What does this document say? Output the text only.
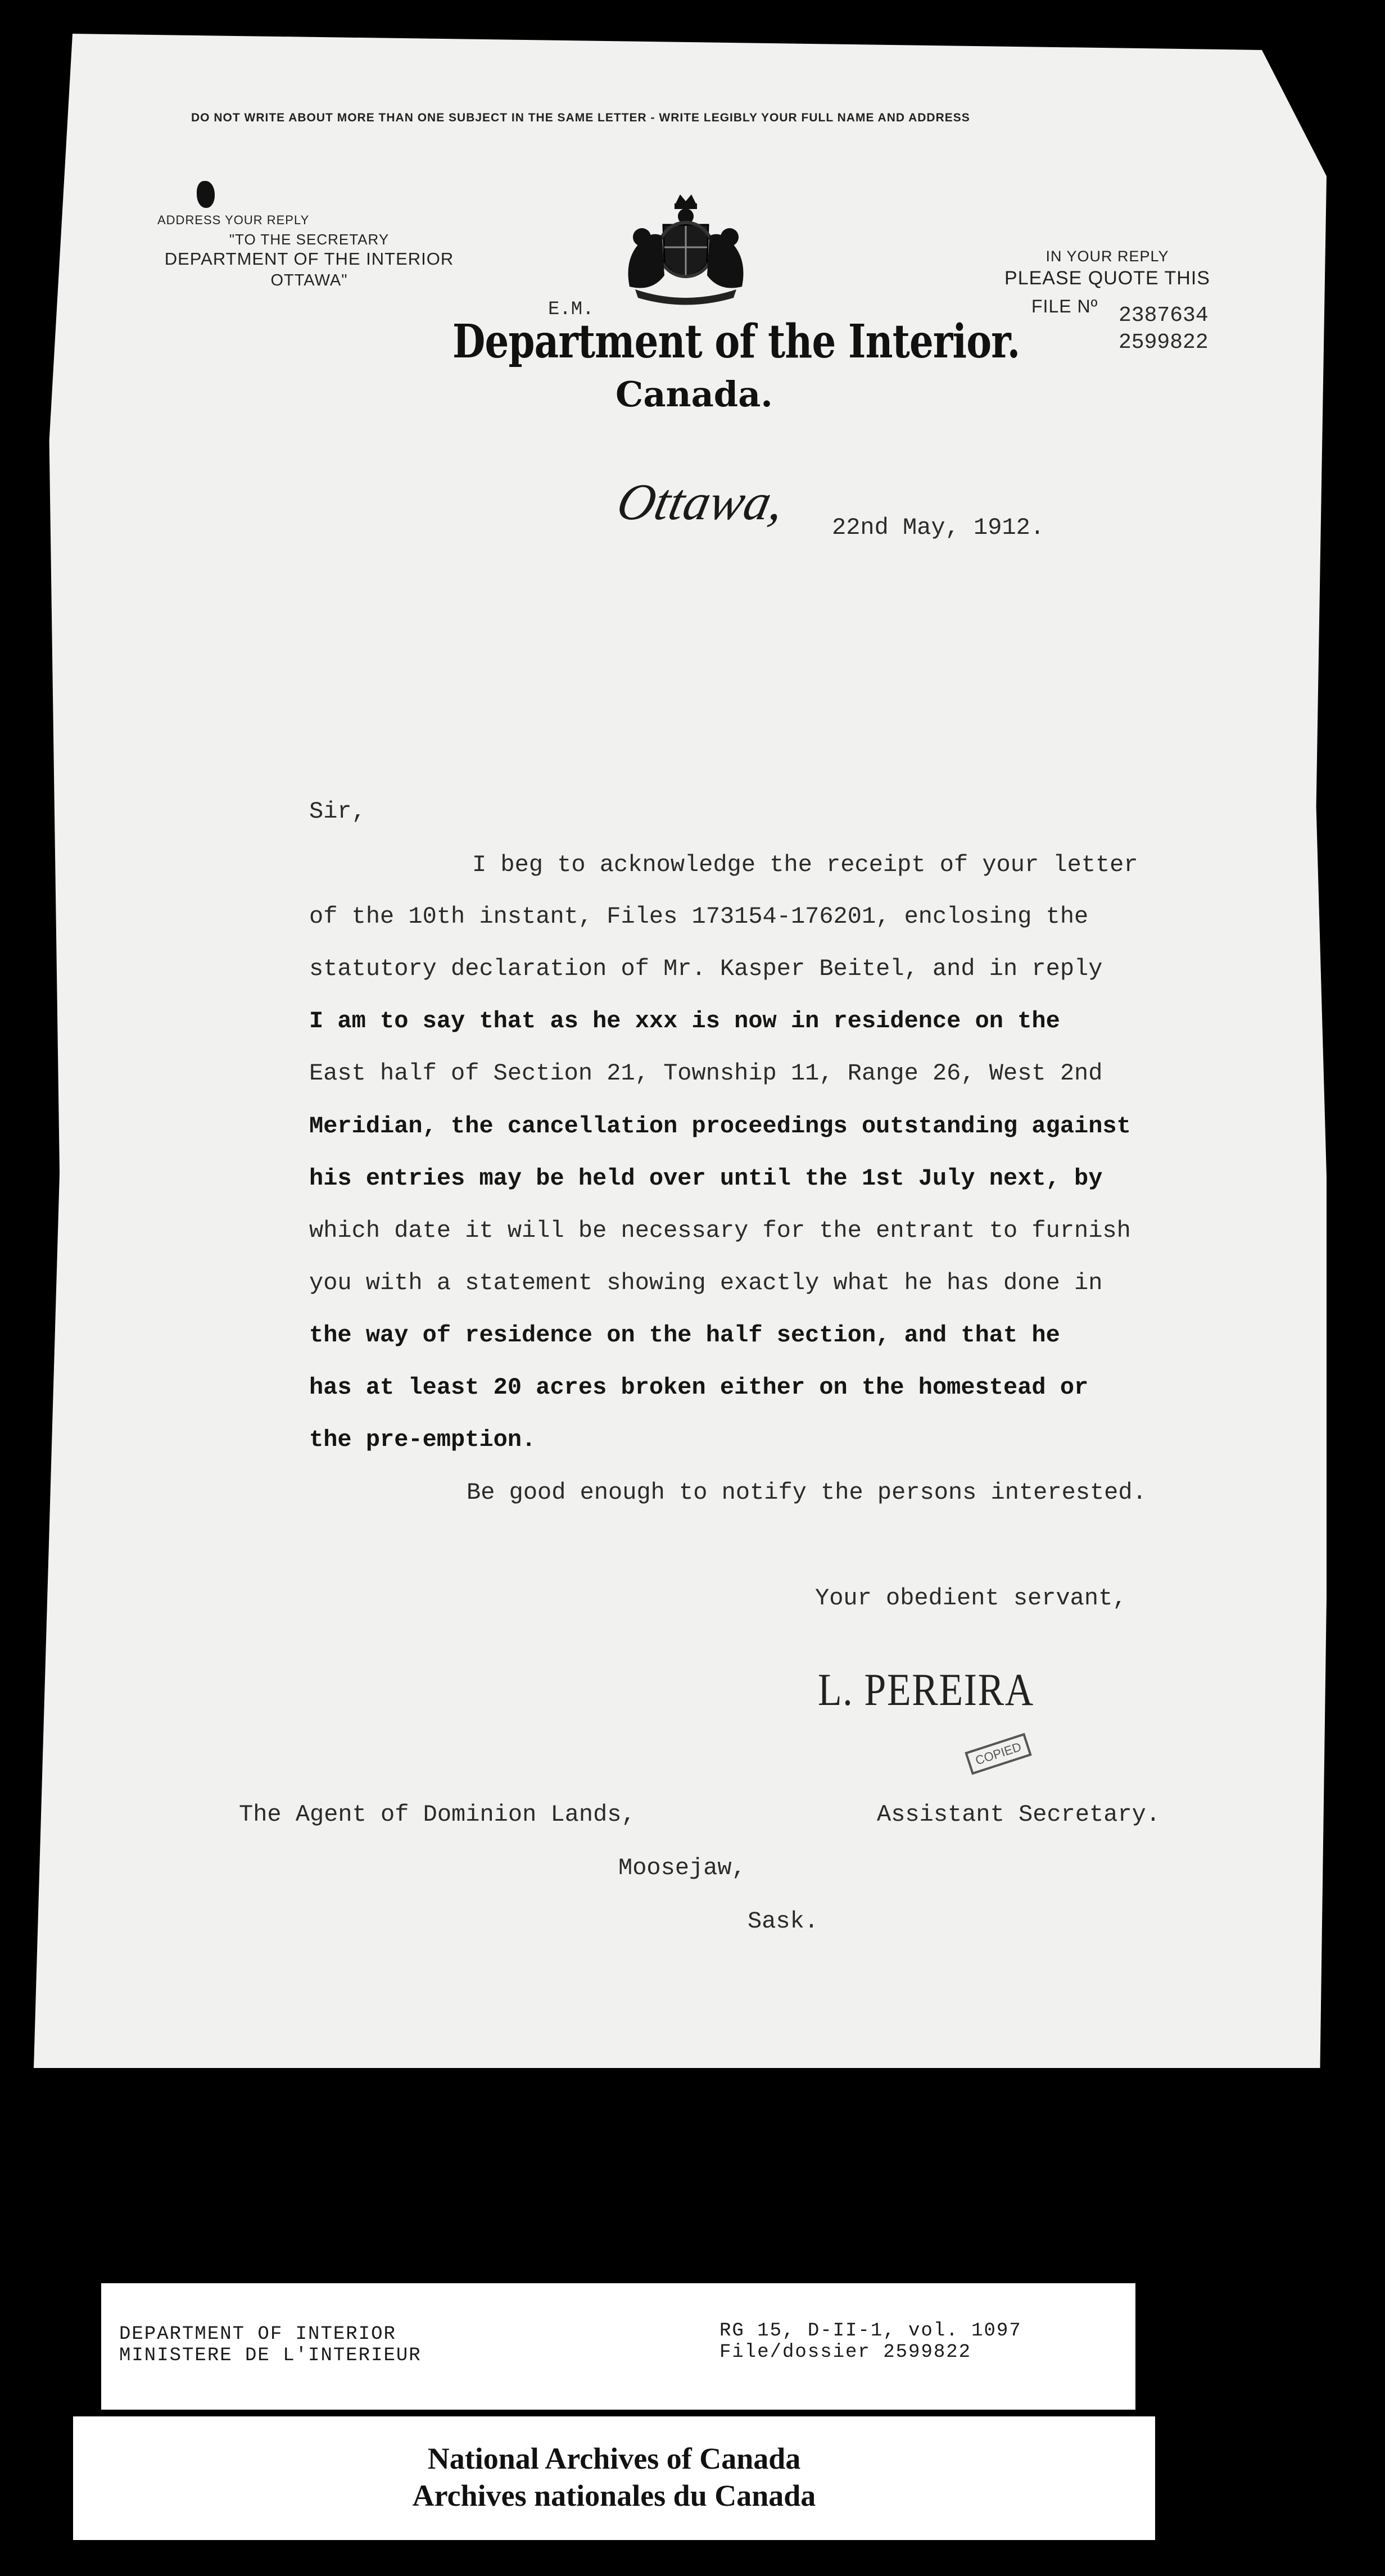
DO NOT WRITE ABOUT MORE THAN ONE SUBJECT IN THE SAME LETTER - WRITE LEGIBLY YOUR FULL NAME AND ADDRESS
ADDRESS YOUR REPLY
"TO THE SECRETARY
DEPARTMENT OF THE INTERIOR
OTTAWA"
IN YOUR REPLY
PLEASE QUOTE THIS
FILE Nº 2387634
2599822
E.M.
Department of the Interior.
Canada.
Ottawa, 22nd May, 1912.
Sir,
I beg to acknowledge the receipt of your letter
of the 10th instant, Files 173154-176201, enclosing the
statutory declaration of Mr. Kasper Beitel, and in reply
I am to say that as he xxx is now in residence on the
East half of Section 21, Township 11, Range 26, West 2nd
Meridian, the cancellation proceedings outstanding against
his entries may be held over until the 1st July next, by
which date it will be necessary for the entrant to furnish
you with a statement showing exactly what he has done in
the way of residence on the half section, and that he
has at least 20 acres broken either on the homestead or
the pre-emption.
Be good enough to notify the persons interested.
Your obedient servant,
L. PEREIRA
COPIED
Assistant Secretary.
The Agent of Dominion Lands,
Moosejaw,
Sask.
DEPARTMENT OF INTERIOR
MINISTERE DE L'INTERIEUR
RG 15, D-II-1, vol. 1097
File/dossier 2599822
National Archives of Canada
Archives nationales du Canada
